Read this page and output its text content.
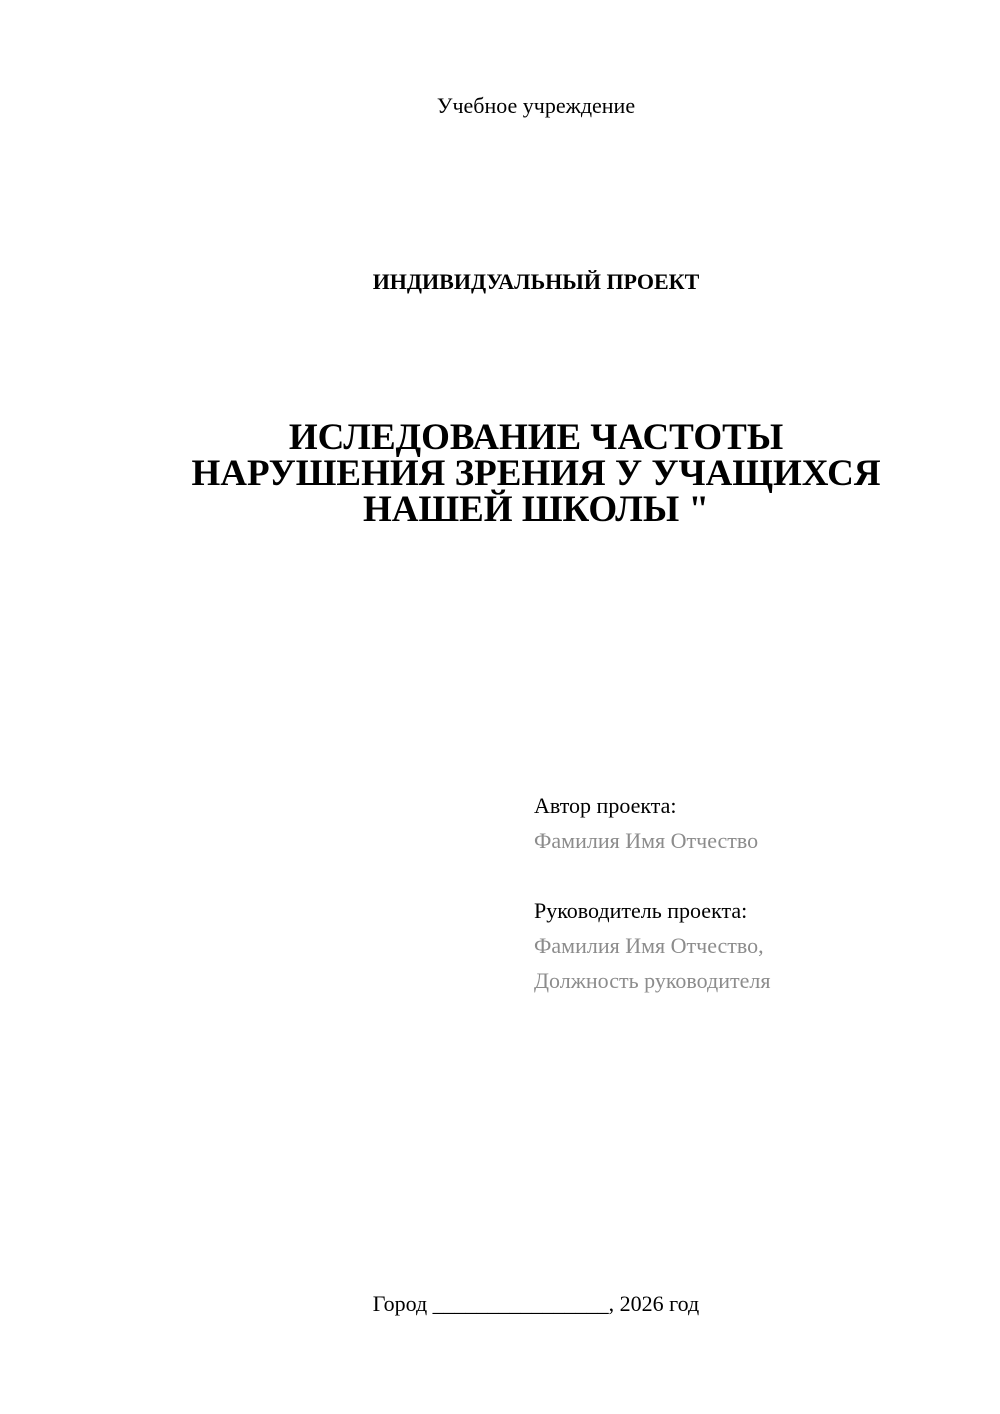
Учебное учреждение
ИНДИВИДУАЛЬНЫЙ ПРОЕКТ
ИСЛЕДОВАНИЕ ЧАСТОТЫ
НАРУШЕНИЯ ЗРЕНИЯ У УЧАЩИХСЯ
НАШЕЙ ШКОЛЫ "
Автор проекта:
Фамилия Имя Отчество
Руководитель проекта:
Фамилия Имя Отчество,
Должность руководителя
Город ________________, 2026 год
